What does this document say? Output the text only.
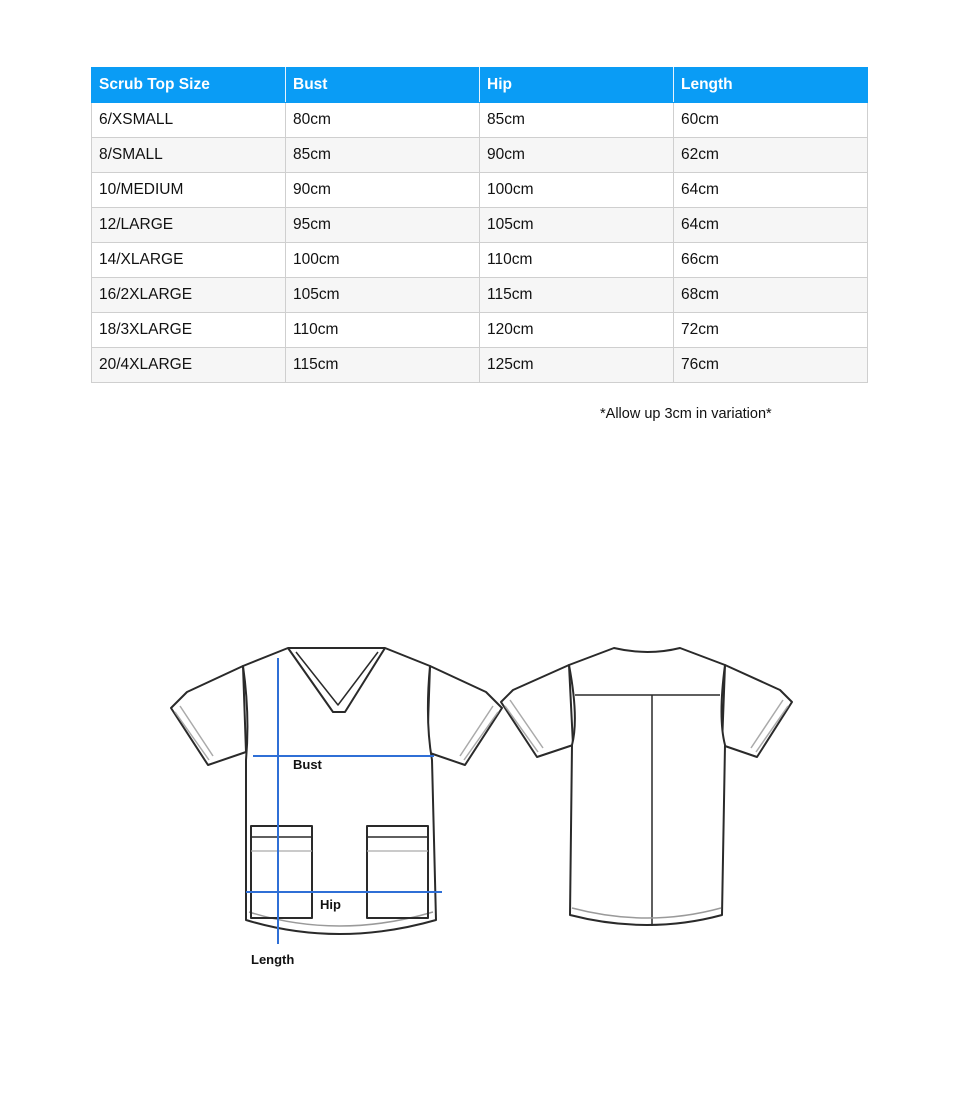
Scrub Top Size	Bust	Hip	Length
6/XSMALL	80cm	85cm	60cm
8/SMALL	85cm	90cm	62cm
10/MEDIUM	90cm	100cm	64cm
12/LARGE	95cm	105cm	64cm
14/XLARGE	100cm	110cm	66cm
16/2XLARGE	105cm	115cm	68cm
18/3XLARGE	110cm	120cm	72cm
20/4XLARGE	115cm	125cm	76cm
*Allow up 3cm in variation*
Bust
Hip
Length
